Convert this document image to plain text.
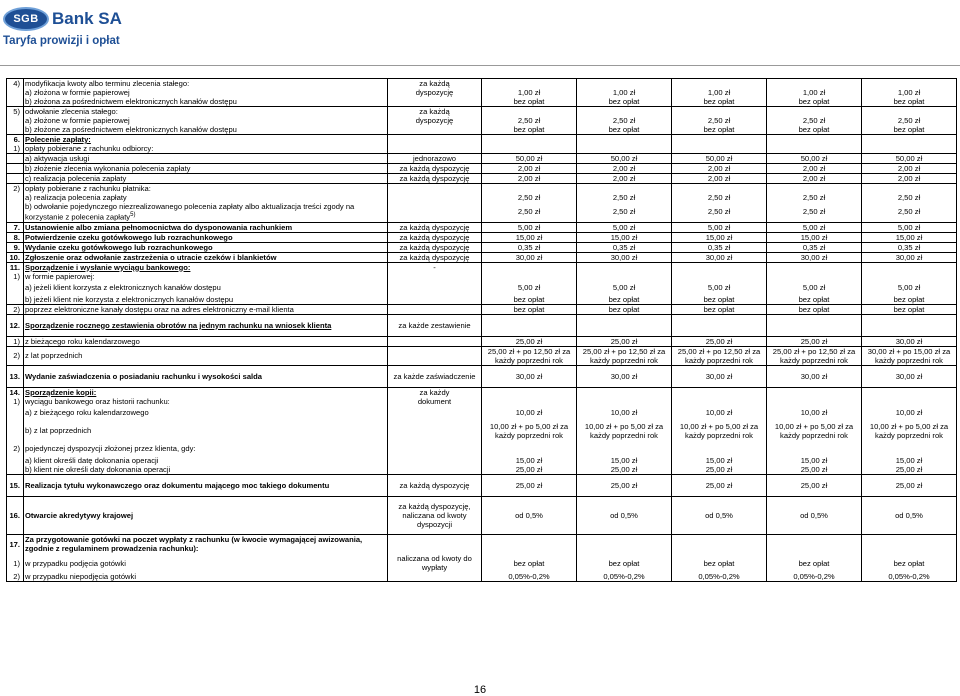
SGB Bank SA
Taryfa prowizji i opłat
4)	modyfikacja kwoty albo terminu zlecenia stałego:	za każdą					
	a) złożona w formie papierowej	dyspozycję	1,00 zł	1,00 zł	1,00 zł	1,00 zł	1,00 zł
	b) złożona za pośrednictwem elektronicznych kanałów dostępu		bez opłat	bez opłat	bez opłat	bez opłat	bez opłat
5)	odwołanie zlecenia stałego:	za każdą					
	a) złożone w formie papierowej	dyspozycję	2,50 zł	2,50 zł	2,50 zł	2,50 zł	2,50 zł
	b) złożone za pośrednictwem elektronicznych kanałów dostępu		bez opłat	bez opłat	bez opłat	bez opłat	bez opłat
6.	Polecenie zapłaty:						
1)	opłaty pobierane z rachunku odbiorcy:						
	a) aktywacja usługi	jednorazowo	50,00 zł	50,00 zł	50,00 zł	50,00 zł	50,00 zł
	b) złożenie zlecenia wykonania polecenia zapłaty	za każdą dyspozycję	2,00 zł	2,00 zł	2,00 zł	2,00 zł	2,00 zł
	c) realizacja polecenia zapłaty	za każdą dyspozycję	2,00 zł	2,00 zł	2,00 zł	2,00 zł	2,00 zł
2)	opłaty pobierane z rachunku płatnika:						
	a) realizacja polecenia zapłaty		2,50 zł	2,50 zł	2,50 zł	2,50 zł	2,50 zł
	b) odwołanie pojedynczego niezrealizowanego polecenia zapłaty albo aktualizacja treści zgody na korzystanie z polecenia zapłaty$^{5)}$		2,50 zł	2,50 zł	2,50 zł	2,50 zł	2,50 zł
7.	Ustanowienie albo zmiana pełnomocnictwa do dysponowania rachunkiem	za każdą dyspozycję	5,00 zł	5,00 zł	5,00 zł	5,00 zł	5,00 zł
8.	Potwierdzenie czeku gotówkowego lub rozrachunkowego	za każdą dyspozycję	15,00 zł	15,00 zł	15,00 zł	15,00 zł	15,00 zł
9.	Wydanie czeku gotówkowego lub rozrachunkowego	za każdą dyspozycję	0,35 zł	0,35 zł	0,35 zł	0,35 zł	0,35 zł
10.	Zgłoszenie oraz odwołanie zastrzeżenia o utracie czeków i blankietów	za każdą dyspozycję	30,00 zł	30,00 zł	30,00 zł	30,00 zł	30,00 zł
11.	Sporządzenie i wysłanie wyciągu bankowego:	-					
1)	w formie papierowej:						
	a) jeżeli klient korzysta z elektronicznych kanałów dostępu		5,00 zł	5,00 zł	5,00 zł	5,00 zł	5,00 zł
	b) jeżeli klient nie korzysta z elektronicznych kanałów dostępu		bez opłat	bez opłat	bez opłat	bez opłat	bez opłat
2)	poprzez elektroniczne kanały dostępu oraz na adres elektroniczny e-mail klienta		bez opłat	bez opłat	bez opłat	bez opłat	bez opłat
12.	Sporządzenie rocznego zestawienia obrotów na jednym rachunku na wniosek klienta	za każde zestawienie					
1)	z bieżącego roku kalendarzowego		25,00 zł	25,00 zł	25,00 zł	25,00 zł	30,00 zł
2)	z lat poprzednich		25,00 zł + po 12,50 zł za każdy poprzedni rok	25,00 zł + po 12,50 zł za każdy poprzedni rok	25,00 zł + po 12,50 zł za każdy poprzedni rok	25,00 zł + po 12,50 zł za każdy poprzedni rok	30,00 zł + po 15,00 zł za każdy poprzedni rok
13.	Wydanie zaświadczenia o posiadaniu rachunku i wysokości salda	za każde zaświadczenie	30,00 zł	30,00 zł	30,00 zł	30,00 zł	30,00 zł
14.	Sporządzenie kopii:	za każdy					
1)	wyciągu bankowego oraz historii rachunku:	dokument					
	a) z bieżącego roku kalendarzowego		10,00 zł	10,00 zł	10,00 zł	10,00 zł	10,00 zł
	b) z lat poprzednich		10,00 zł + po 5,00 zł za każdy poprzedni rok	10,00 zł + po 5,00 zł za każdy poprzedni rok	10,00 zł + po 5,00 zł za każdy poprzedni rok	10,00 zł + po 5,00 zł za każdy poprzedni rok	10,00 zł + po 5,00 zł za każdy poprzedni rok
2)	pojedynczej dyspozycji złożonej przez klienta, gdy:						
	a) klient określi datę dokonania operacji		15,00 zł	15,00 zł	15,00 zł	15,00 zł	15,00 zł
	b) klient nie określi daty dokonania operacji		25,00 zł	25,00 zł	25,00 zł	25,00 zł	25,00 zł
15.	Realizacja tytułu wykonawczego oraz dokumentu mającego moc takiego dokumentu	za każdą dyspozycję	25,00 zł	25,00 zł	25,00 zł	25,00 zł	25,00 zł
16.	Otwarcie akredytywy krajowej	za każdą dyspozycję, naliczana od kwoty dyspozycji	od 0,5%	od 0,5%	od 0,5%	od 0,5%	od 0,5%
17.	Za przygotowanie gotówki na poczet wypłaty z rachunku (w kwocie wymagającej awizowania, zgodnie z regulaminem prowadzenia rachunku):						
1)	w przypadku podjęcia gotówki	naliczana od kwoty do wypłaty	bez opłat	bez opłat	bez opłat	bez opłat	bez opłat
2)	w przypadku niepodjęcia gotówki		0,05%-0,2%	0,05%-0,2%	0,05%-0,2%	0,05%-0,2%	0,05%-0,2%
16
